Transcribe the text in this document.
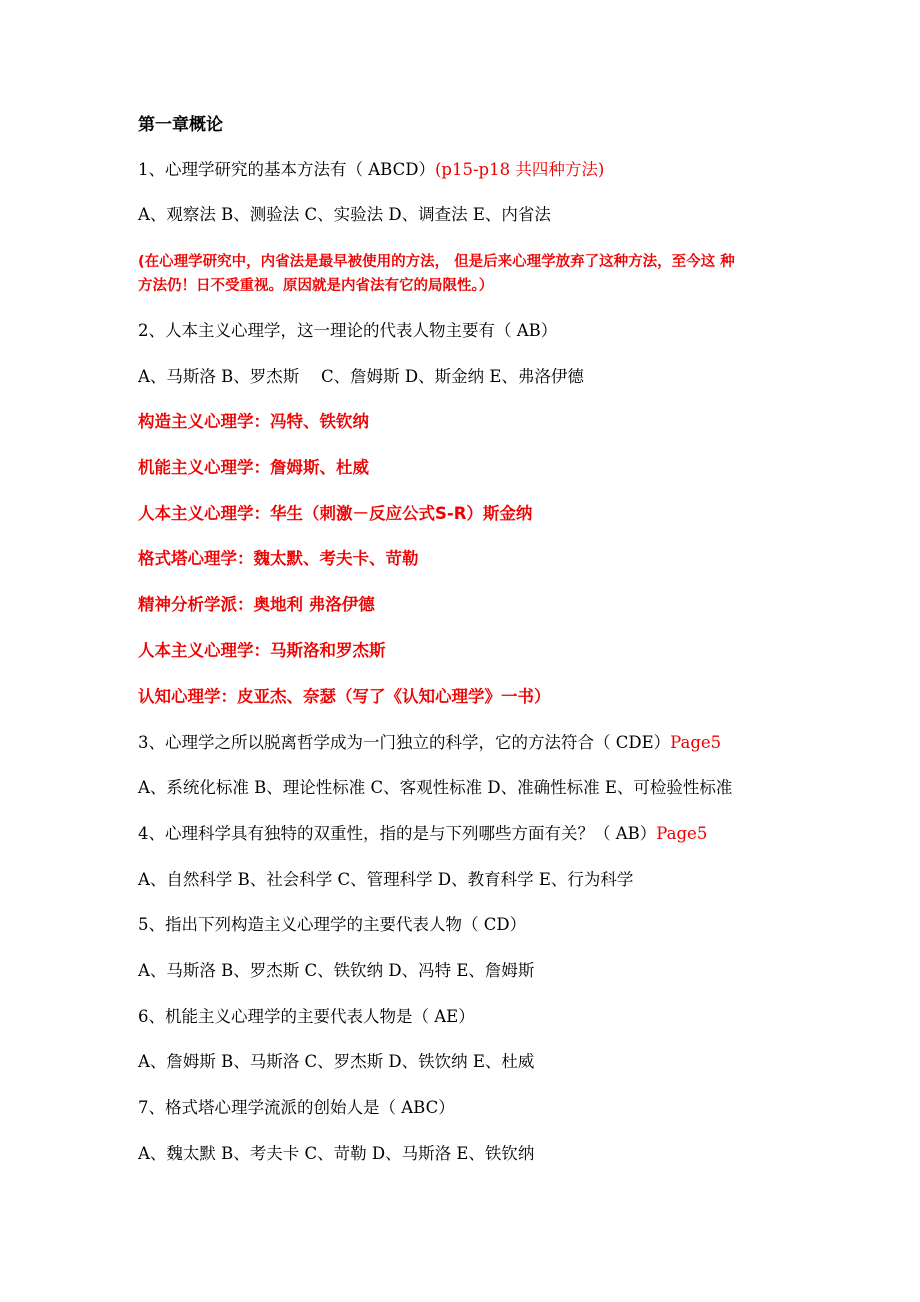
第一章概论
1、心理学研究的基本方法有（ ABCD）(p15-p18 共四种方法)
A、观察法 B、测验法 C、实验法 D、调查法 E、内省法
(在心理学研究中，内省法是最早被使用的方法， 但是后来心理学放弃了这种方法，至今这 种
方法仍！日不受重视。原因就是内省法有它的局限性。）
2、人本主义心理学，这一理论的代表人物主要有（ AB）
A、马斯洛 B、罗杰斯　 C、詹姆斯 D、斯金纳 E、弗洛伊德
构造主义心理学：冯特、铁钦纳
机能主义心理学：詹姆斯、杜威
人本主义心理学：华生（刺激－反应公式S-R）斯金纳
格式塔心理学：魏太默、考夫卡、苛勒
精神分析学派：奥地利 弗洛伊德
人本主义心理学：马斯洛和罗杰斯
认知心理学：皮亚杰、奈瑟（写了《认知心理学》一书）
3、心理学之所以脱离哲学成为一门独立的科学，它的方法符合（ CDE）Page5
A、系统化标准 B、理论性标准 C、客观性标准 D、准确性标准 E、可检验性标准
4、心理科学具有独特的双重性，指的是与下列哪些方面有关？（ AB）Page5
A、自然科学 B、社会科学 C、管理科学 D、教育科学 E、行为科学
5、指出下列构造主义心理学的主要代表人物（ CD）
A、马斯洛 B、罗杰斯 C、铁钦纳 D、冯特 E、詹姆斯
6、机能主义心理学的主要代表人物是（ AE）
A、詹姆斯 B、马斯洛 C、罗杰斯 D、铁饮纳 E、杜威
7、格式塔心理学流派的创始人是（ ABC）
A、魏太默 B、考夫卡 C、苛勒 D、马斯洛 E、铁钦纳
